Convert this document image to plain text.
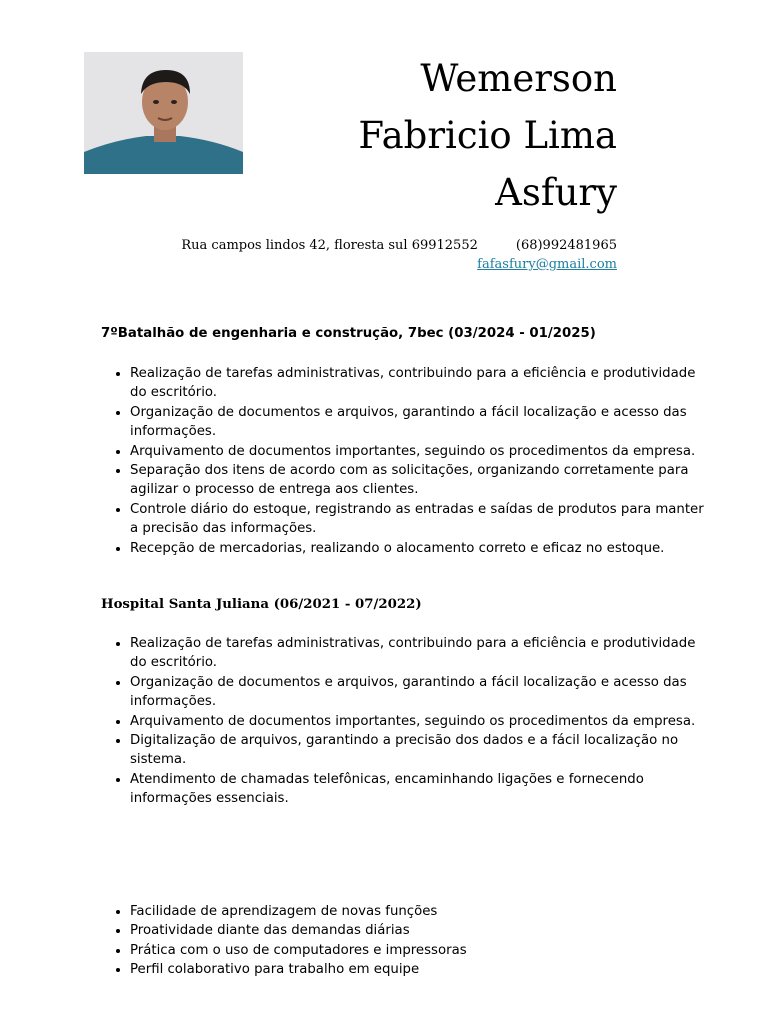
Wemerson
Fabricio Lima
Asfury
Rua campos lindos 42, floresta sul 69912552	(68)992481965
fafasfury@gmail.com
7ºBatalhão de engenharia e construção, 7bec (03/2024 - 01/2025)
• Realização de tarefas administrativas, contribuindo para a eficiência e produtividade do escritório.
• Organização de documentos e arquivos, garantindo a fácil localização e acesso das informações.
• Arquivamento de documentos importantes, seguindo os procedimentos da empresa.
• Separação dos itens de acordo com as solicitações, organizando corretamente para agilizar o processo de entrega aos clientes.
• Controle diário do estoque, registrando as entradas e saídas de produtos para manter a precisão das informações.
• Recepção de mercadorias, realizando o alocamento correto e eficaz no estoque.
Hospital Santa Juliana (06/2021 - 07/2022)
• Realização de tarefas administrativas, contribuindo para a eficiência e produtividade do escritório.
• Organização de documentos e arquivos, garantindo a fácil localização e acesso das informações.
• Arquivamento de documentos importantes, seguindo os procedimentos da empresa.
• Digitalização de arquivos, garantindo a precisão dos dados e a fácil localização no sistema.
• Atendimento de chamadas telefônicas, encaminhando ligações e fornecendo informações essenciais.
• Facilidade de aprendizagem de novas funções
• Proatividade diante das demandas diárias
• Prática com o uso de computadores e impressoras
• Perfil colaborativo para trabalho em equipe
